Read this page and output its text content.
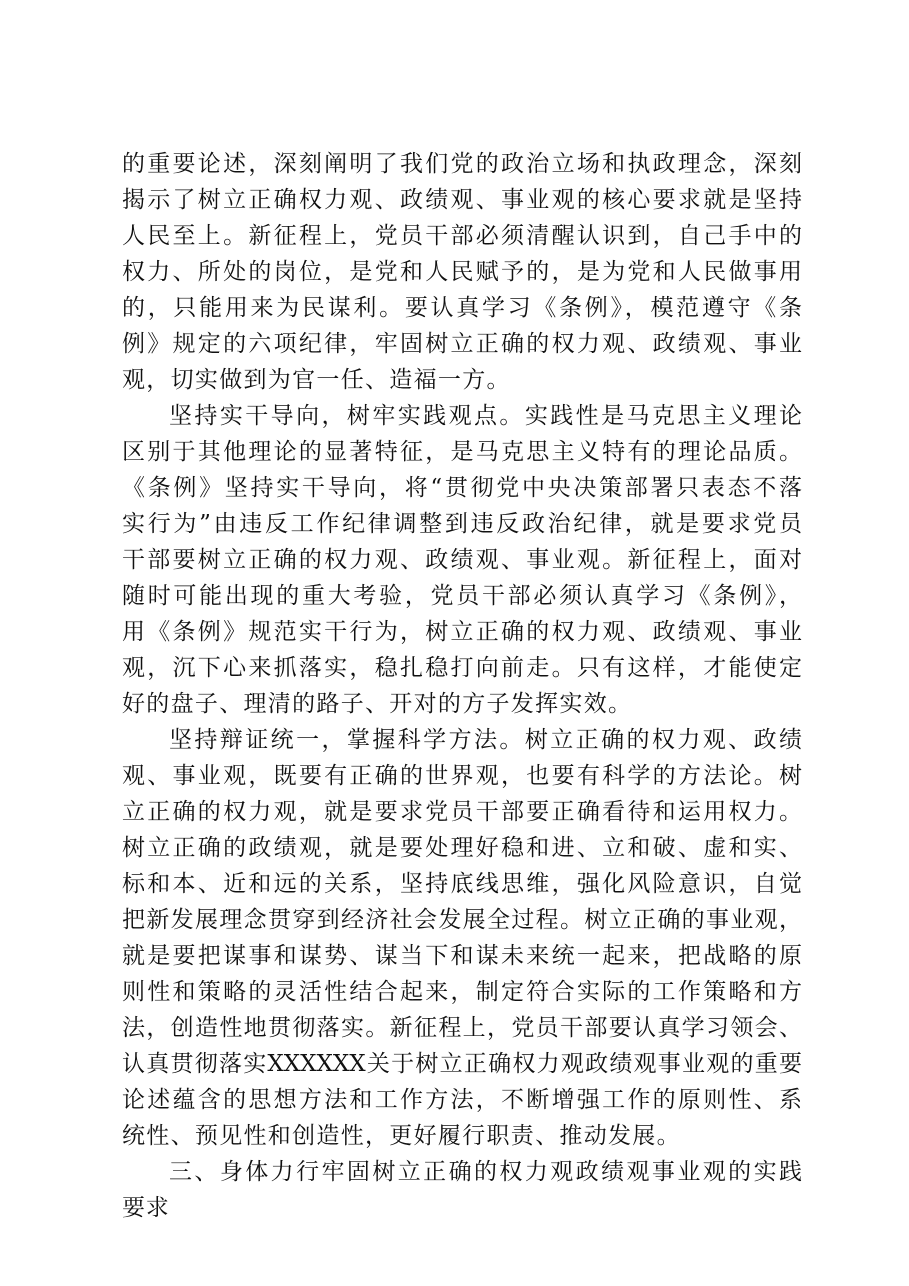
的重要论述，深刻阐明了我们党的政治立场和执政理念，深刻
揭示了树立正确权力观、政绩观、事业观的核心要求就是坚持
人民至上。新征程上，党员干部必须清醒认识到，自己手中的
权力、所处的岗位，是党和人民赋予的，是为党和人民做事用
的，只能用来为民谋利。要认真学习《条例》，模范遵守《条
例》规定的六项纪律，牢固树立正确的权力观、政绩观、事业
观，切实做到为官一任、造福一方。
坚持实干导向，树牢实践观点。实践性是马克思主义理论
区别于其他理论的显著特征，是马克思主义特有的理论品质。
《条例》坚持实干导向，将“贯彻党中央决策部署只表态不落
实行为”由违反工作纪律调整到违反政治纪律，就是要求党员
干部要树立正确的权力观、政绩观、事业观。新征程上，面对
随时可能出现的重大考验，党员干部必须认真学习《条例》，
用《条例》规范实干行为，树立正确的权力观、政绩观、事业
观，沉下心来抓落实，稳扎稳打向前走。只有这样，才能使定
好的盘子、理清的路子、开对的方子发挥实效。
坚持辩证统一，掌握科学方法。树立正确的权力观、政绩
观、事业观，既要有正确的世界观，也要有科学的方法论。树
立正确的权力观，就是要求党员干部要正确看待和运用权力。
树立正确的政绩观，就是要处理好稳和进、立和破、虚和实、
标和本、近和远的关系，坚持底线思维，强化风险意识，自觉
把新发展理念贯穿到经济社会发展全过程。树立正确的事业观，
就是要把谋事和谋势、谋当下和谋未来统一起来，把战略的原
则性和策略的灵活性结合起来，制定符合实际的工作策略和方
法，创造性地贯彻落实。新征程上，党员干部要认真学习领会、
认真贯彻落实XXXXXX关于树立正确权力观政绩观事业观的重要
论述蕴含的思想方法和工作方法，不断增强工作的原则性、系
统性、预见性和创造性，更好履行职责、推动发展。
三、身体力行牢固树立正确的权力观政绩观事业观的实践
要求
